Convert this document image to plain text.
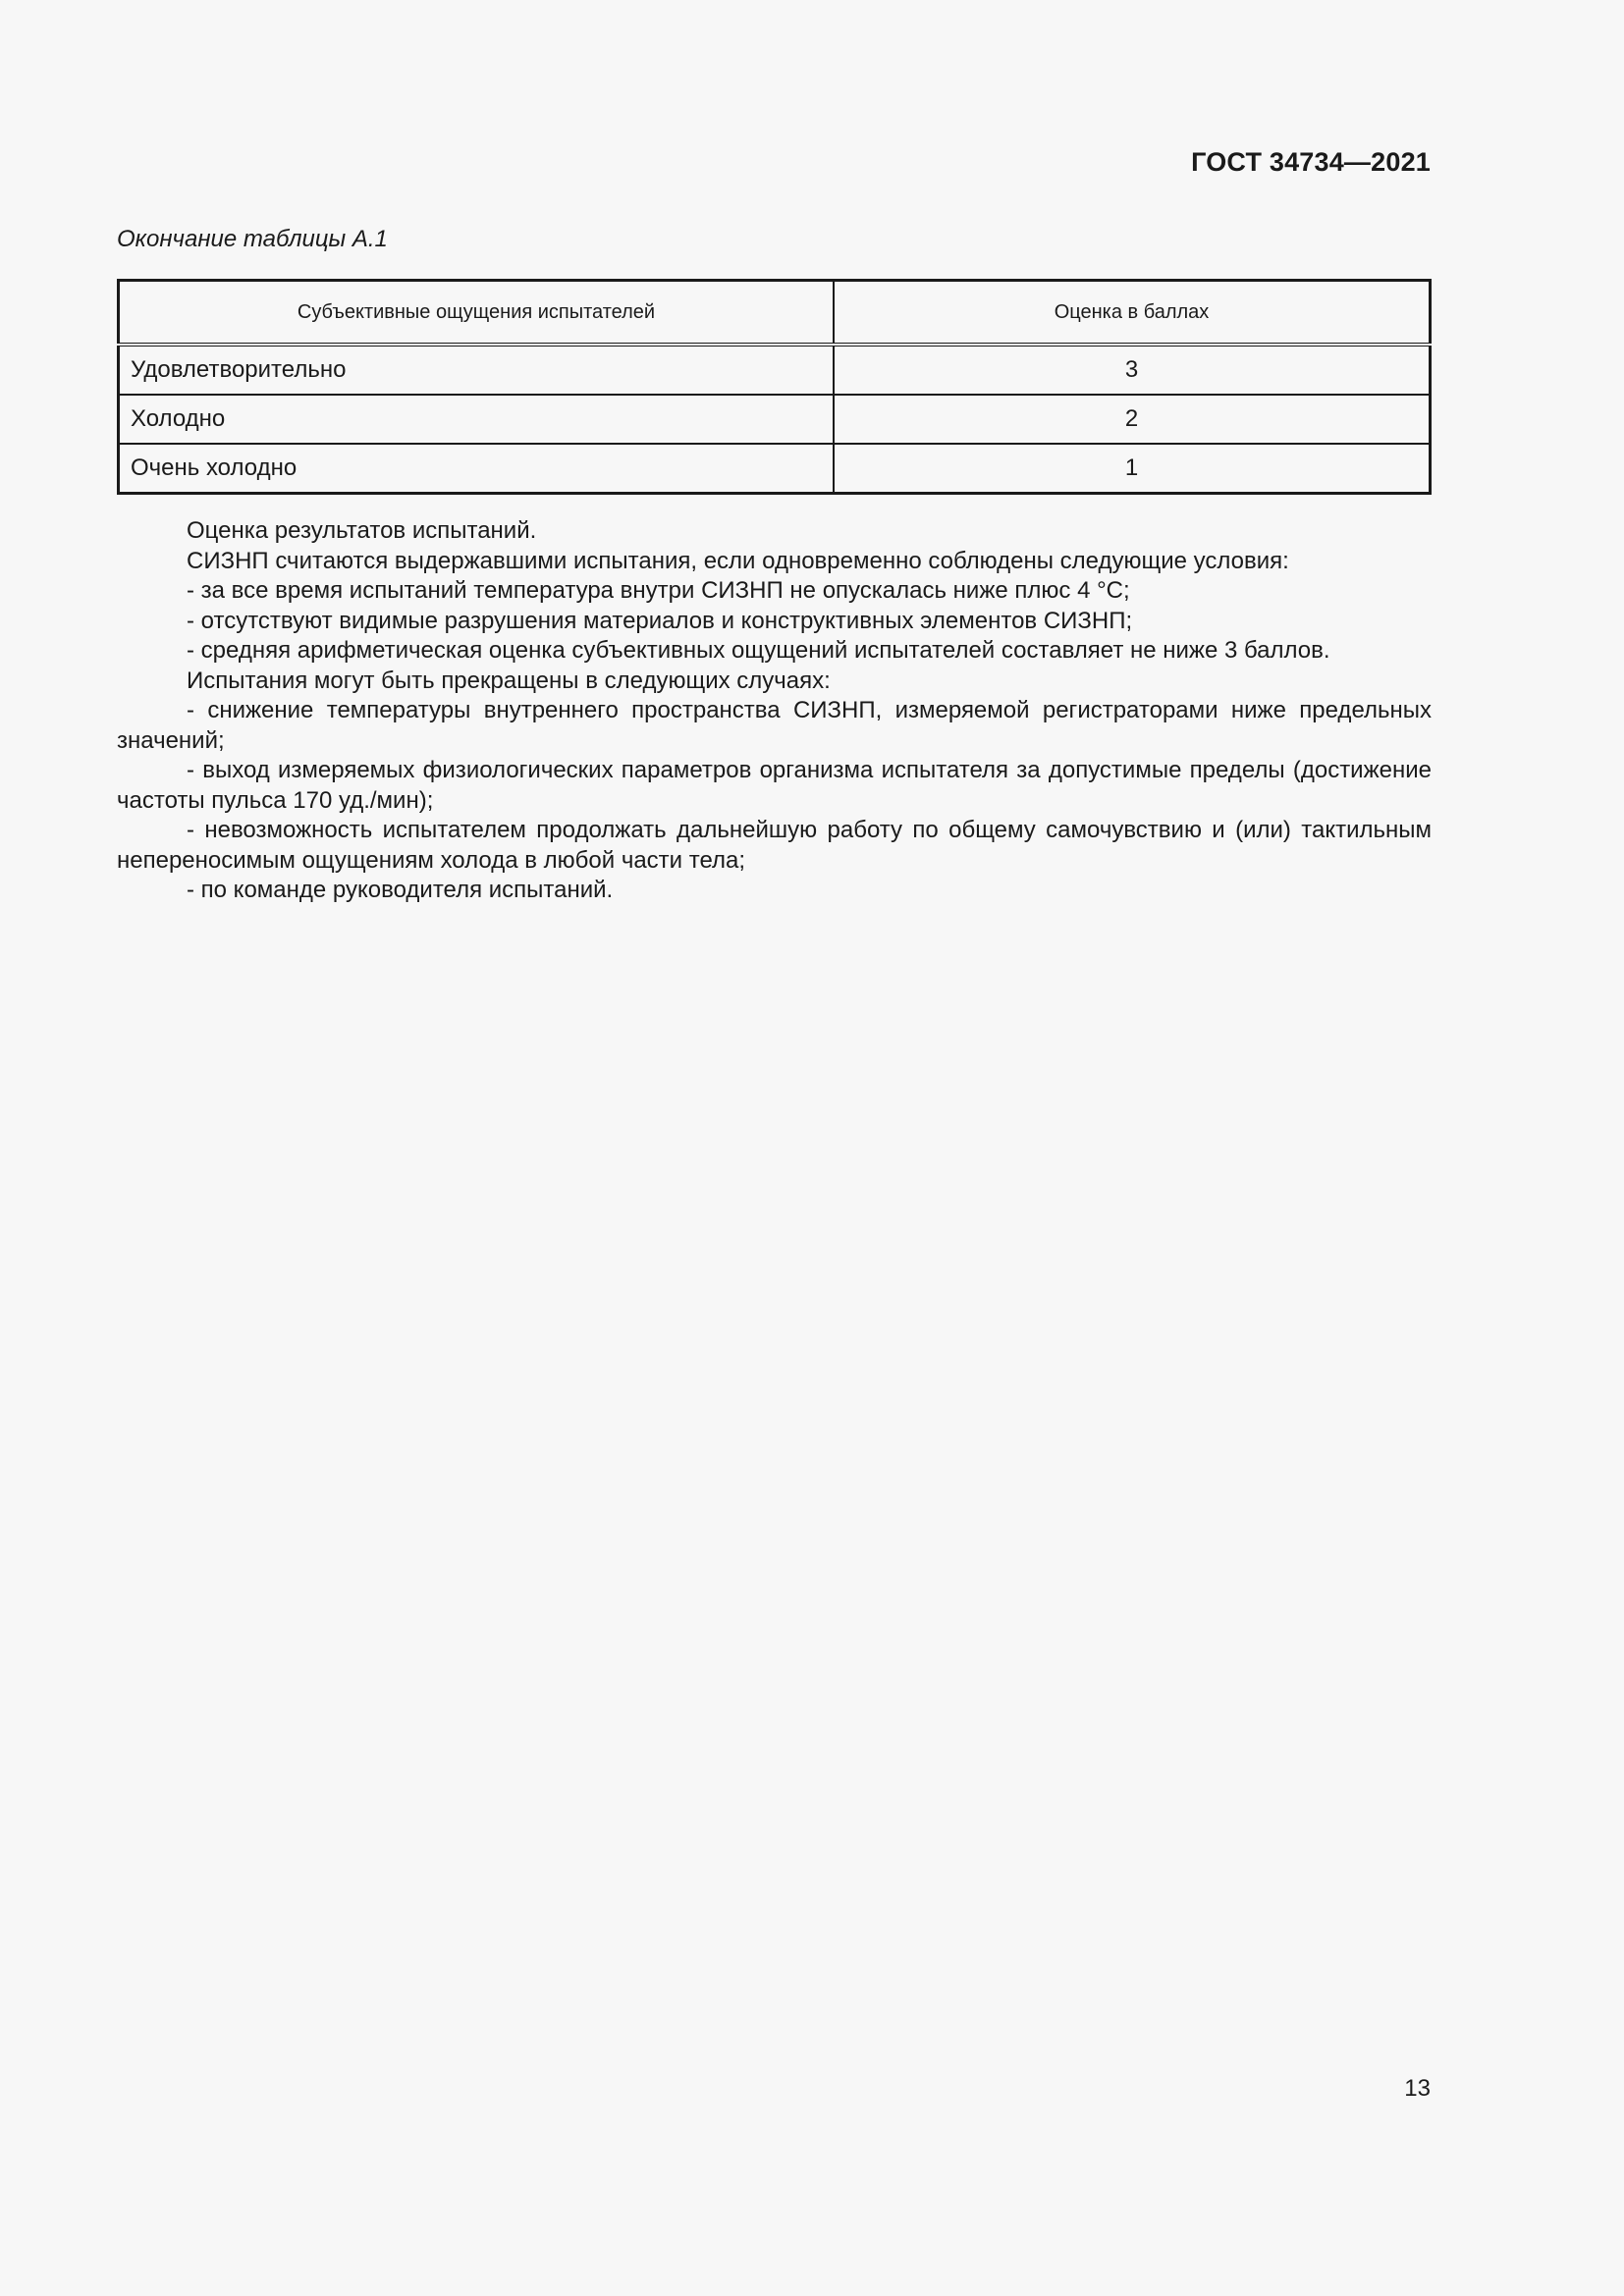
ГОСТ 34734—2021
Окончание таблицы А.1
Субъективные ощущения испытателей	Оценка в баллах
Удовлетворительно	3
Холодно	2
Очень холодно	1

Оценка результатов испытаний.

СИЗНП считаются выдержавшими испытания, если одновременно соблюдены следующие условия:

- за все время испытаний температура внутри СИЗНП не опускалась ниже плюс 4 °С;

- отсутствуют видимые разрушения материалов и конструктивных элементов СИЗНП;

- средняя арифметическая оценка субъективных ощущений испытателей составляет не ниже 3 баллов.

Испытания могут быть прекращены в следующих случаях:

- снижение температуры внутреннего пространства СИЗНП, измеряемой регистраторами ниже предельных значений;

- выход измеряемых физиологических параметров организма испытателя за допустимые пределы (достижение частоты пульса 170 уд./мин);

- невозможность испытателем продолжать дальнейшую работу по общему самочувствию и (или) тактильным непереносимым ощущениям холода в любой части тела;

- по команде руководителя испытаний.

13
